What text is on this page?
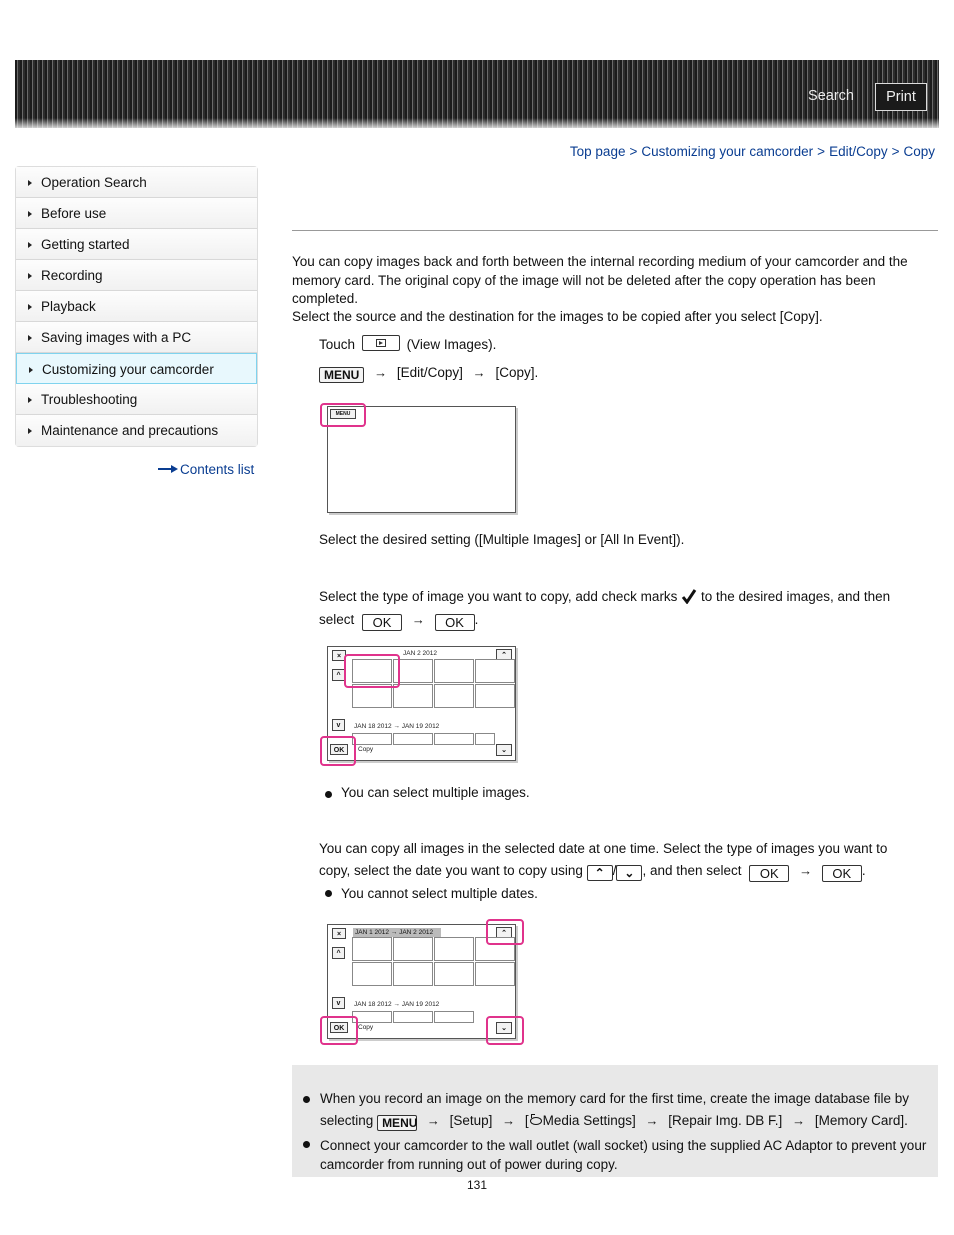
Search	Print
Top page > Customizing your camcorder > Edit/Copy > Copy
Operation Search
Before use
Getting started
Recording
Playback
Saving images with a PC
Customizing your camcorder
Troubleshooting
Maintenance and precautions
Contents list
You can copy images back and forth between the internal recording medium of your camcorder and the memory card. The original copy of the image will not be deleted after the copy operation has been completed.
Select the source and the destination for the images to be copied after you select [Copy].
Touch	(View Images).
MENU → [Edit/Copy] → [Copy].
MENU
Select the desired setting ([Multiple Images] or [All In Event]).
Select the type of image you want to copy, add check marks to the desired images, and then
select OK → OK .
×
^
v
OK
⌃
⌄
JAN 2 2012
JAN 18 2012 → JAN 19 2012
Copy
You can select multiple images.
You can copy all images in the selected date at one time. Select the type of images you want to
copy, select the date you want to copy using ⌃ / ⌄ , and then select OK → OK .
You cannot select multiple dates.
×
^
v
OK
⌃
⌄
JAN 1 2012 → JAN 2 2012
JAN 18 2012 → JAN 19 2012
Copy
When you record an image on the memory card for the first time, create the image database file by
selecting MENU → [Setup] → [ Media Settings] → [Repair Img. DB F.] → [Memory Card].
Connect your camcorder to the wall outlet (wall socket) using the supplied AC Adaptor to prevent your camcorder from running out of power during copy.
131
